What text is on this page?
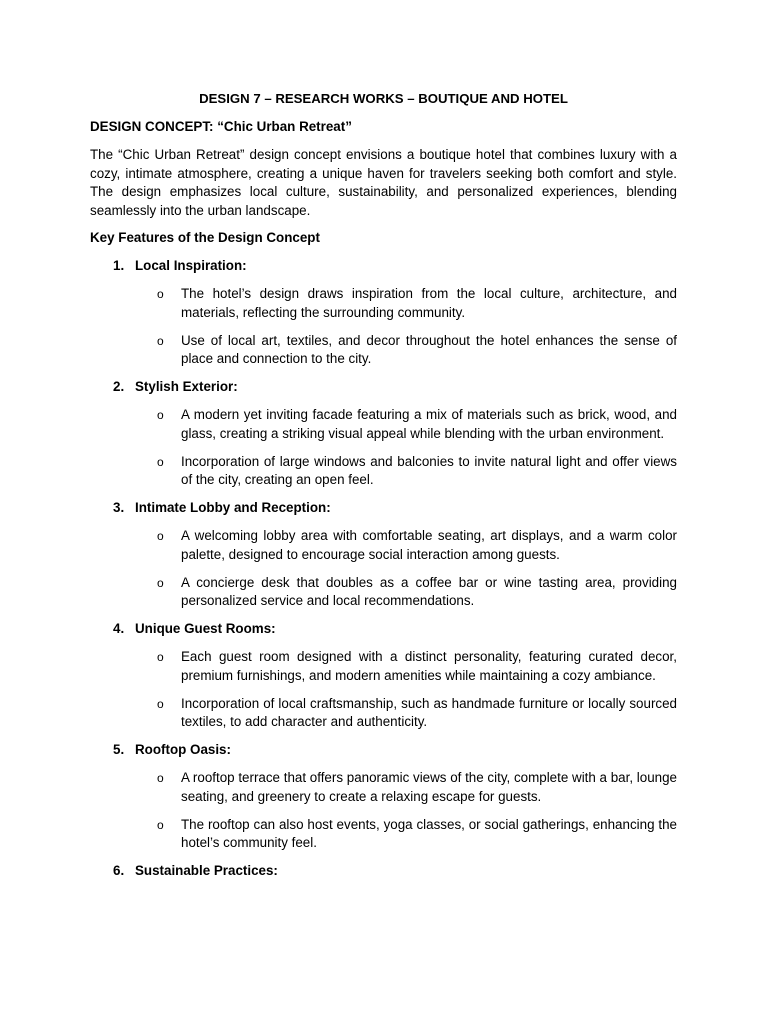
DESIGN 7 – RESEARCH WORKS – BOUTIQUE AND HOTEL
DESIGN CONCEPT: “Chic Urban Retreat”

The “Chic Urban Retreat” design concept envisions a boutique hotel that combines luxury with a cozy, intimate atmosphere, creating a unique haven for travelers seeking both comfort and style. The design emphasizes local culture, sustainability, and personalized experiences, blending seamlessly into the urban landscape.

Key Features of the Design Concept
1. Local Inspiration:
o The hotel’s design draws inspiration from the local culture, architecture, and materials, reflecting the surrounding community.
o Use of local art, textiles, and decor throughout the hotel enhances the sense of place and connection to the city.
2. Stylish Exterior:
o A modern yet inviting facade featuring a mix of materials such as brick, wood, and glass, creating a striking visual appeal while blending with the urban environment.
o Incorporation of large windows and balconies to invite natural light and offer views of the city, creating an open feel.
3. Intimate Lobby and Reception:
o A welcoming lobby area with comfortable seating, art displays, and a warm color palette, designed to encourage social interaction among guests.
o A concierge desk that doubles as a coffee bar or wine tasting area, providing personalized service and local recommendations.
4. Unique Guest Rooms:
o Each guest room designed with a distinct personality, featuring curated decor, premium furnishings, and modern amenities while maintaining a cozy ambiance.
o Incorporation of local craftsmanship, such as handmade furniture or locally sourced textiles, to add character and authenticity.
5. Rooftop Oasis:
o A rooftop terrace that offers panoramic views of the city, complete with a bar, lounge seating, and greenery to create a relaxing escape for guests.
o The rooftop can also host events, yoga classes, or social gatherings, enhancing the hotel’s community feel.
6. Sustainable Practices:
